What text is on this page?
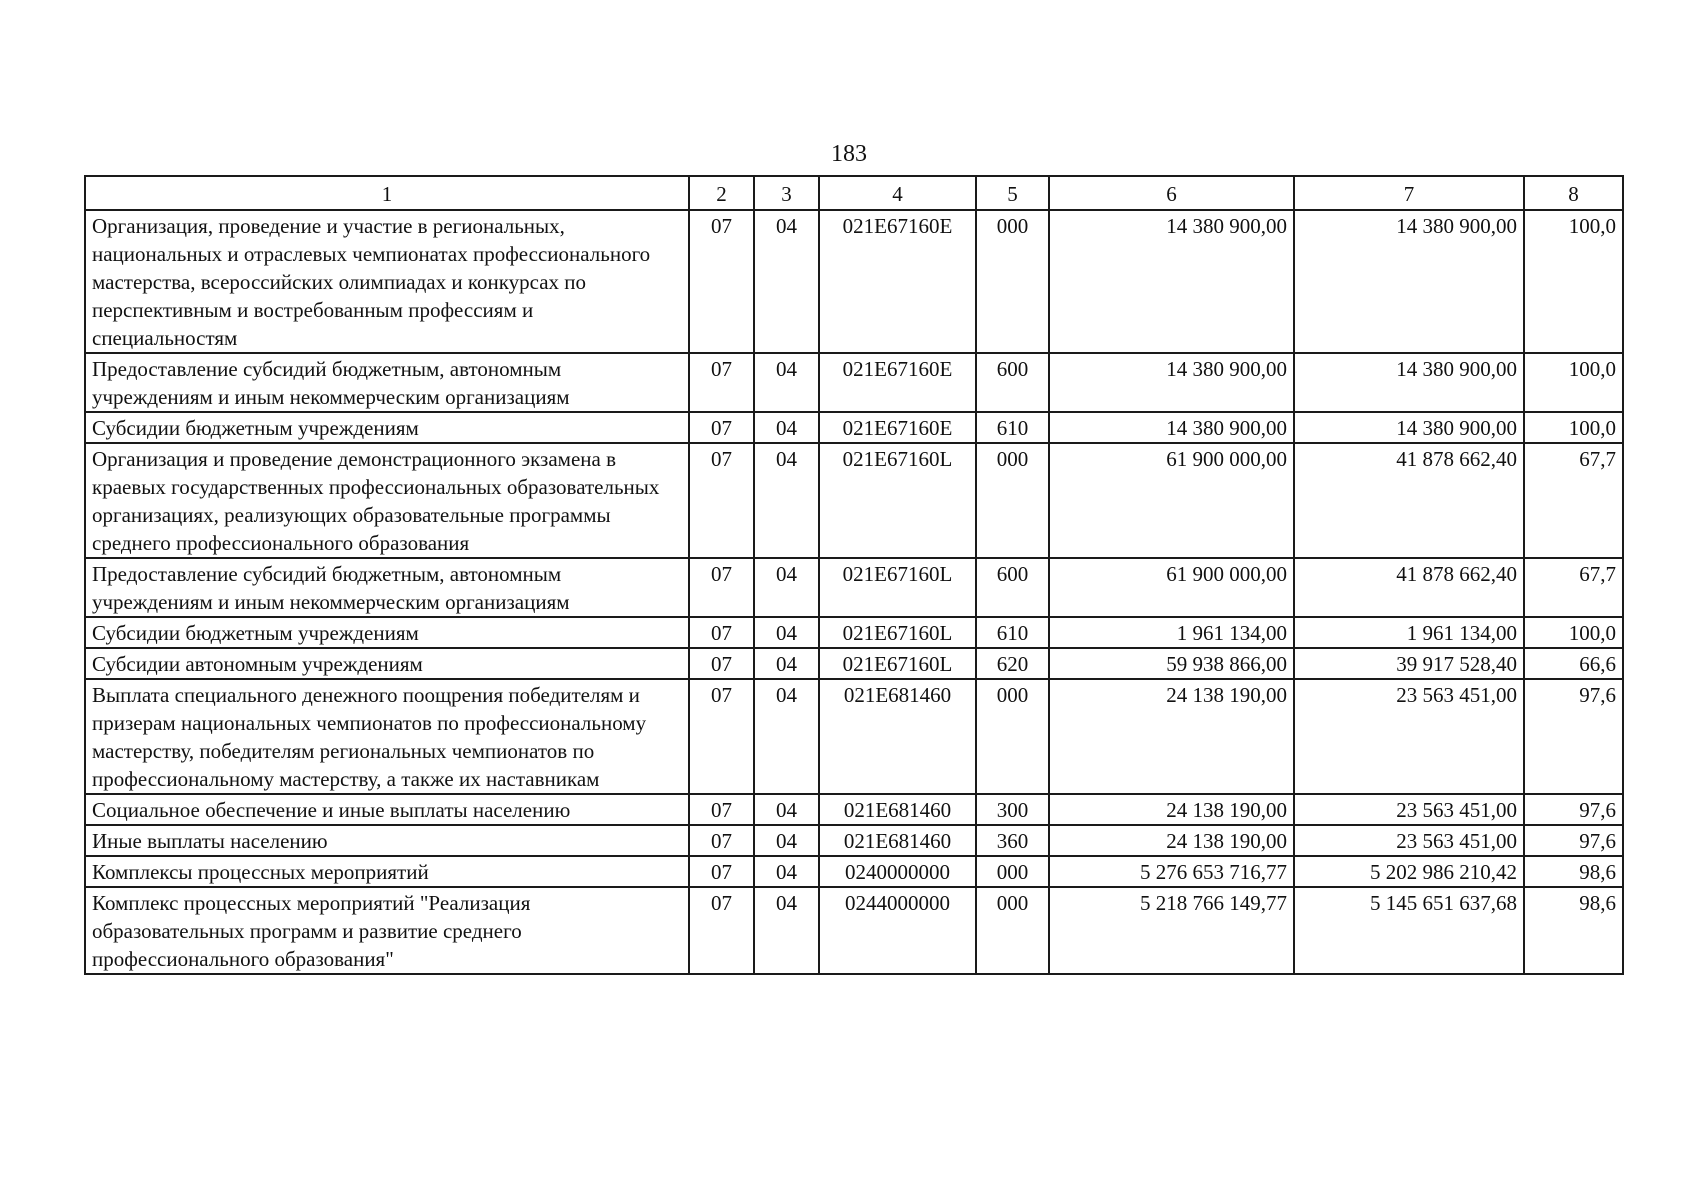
183
1	2	3	4	5	6	7	8
Организация, проведение и участие в региональных, национальных и отраслевых чемпионатах профессионального мастерства, всероссийских олимпиадах и конкурсах по перспективным и востребованным профессиям и специальностям	07	04	021E67160E	000	14 380 900,00	14 380 900,00	100,0
Предоставление субсидий бюджетным, автономным учреждениям и иным некоммерческим организациям	07	04	021E67160E	600	14 380 900,00	14 380 900,00	100,0
Субсидии бюджетным учреждениям	07	04	021E67160E	610	14 380 900,00	14 380 900,00	100,0
Организация и проведение демонстрационного экзамена в краевых государственных профессиональных образовательных организациях, реализующих образовательные программы среднего профессионального образования	07	04	021E67160L	000	61 900 000,00	41 878 662,40	67,7
Предоставление субсидий бюджетным, автономным учреждениям и иным некоммерческим организациям	07	04	021E67160L	600	61 900 000,00	41 878 662,40	67,7
Субсидии бюджетным учреждениям	07	04	021E67160L	610	1 961 134,00	1 961 134,00	100,0
Субсидии автономным учреждениям	07	04	021E67160L	620	59 938 866,00	39 917 528,40	66,6
Выплата специального денежного поощрения победителям и призерам национальных чемпионатов по профессиональному мастерству, победителям региональных чемпионатов по профессиональному мастерству, а также их наставникам	07	04	021E681460	000	24 138 190,00	23 563 451,00	97,6
Социальное обеспечение и иные выплаты населению	07	04	021E681460	300	24 138 190,00	23 563 451,00	97,6
Иные выплаты населению	07	04	021E681460	360	24 138 190,00	23 563 451,00	97,6
Комплексы процессных мероприятий	07	04	0240000000	000	5 276 653 716,77	5 202 986 210,42	98,6
Комплекс процессных мероприятий "Реализация образовательных программ и развитие среднего профессионального образования"	07	04	0244000000	000	5 218 766 149,77	5 145 651 637,68	98,6
